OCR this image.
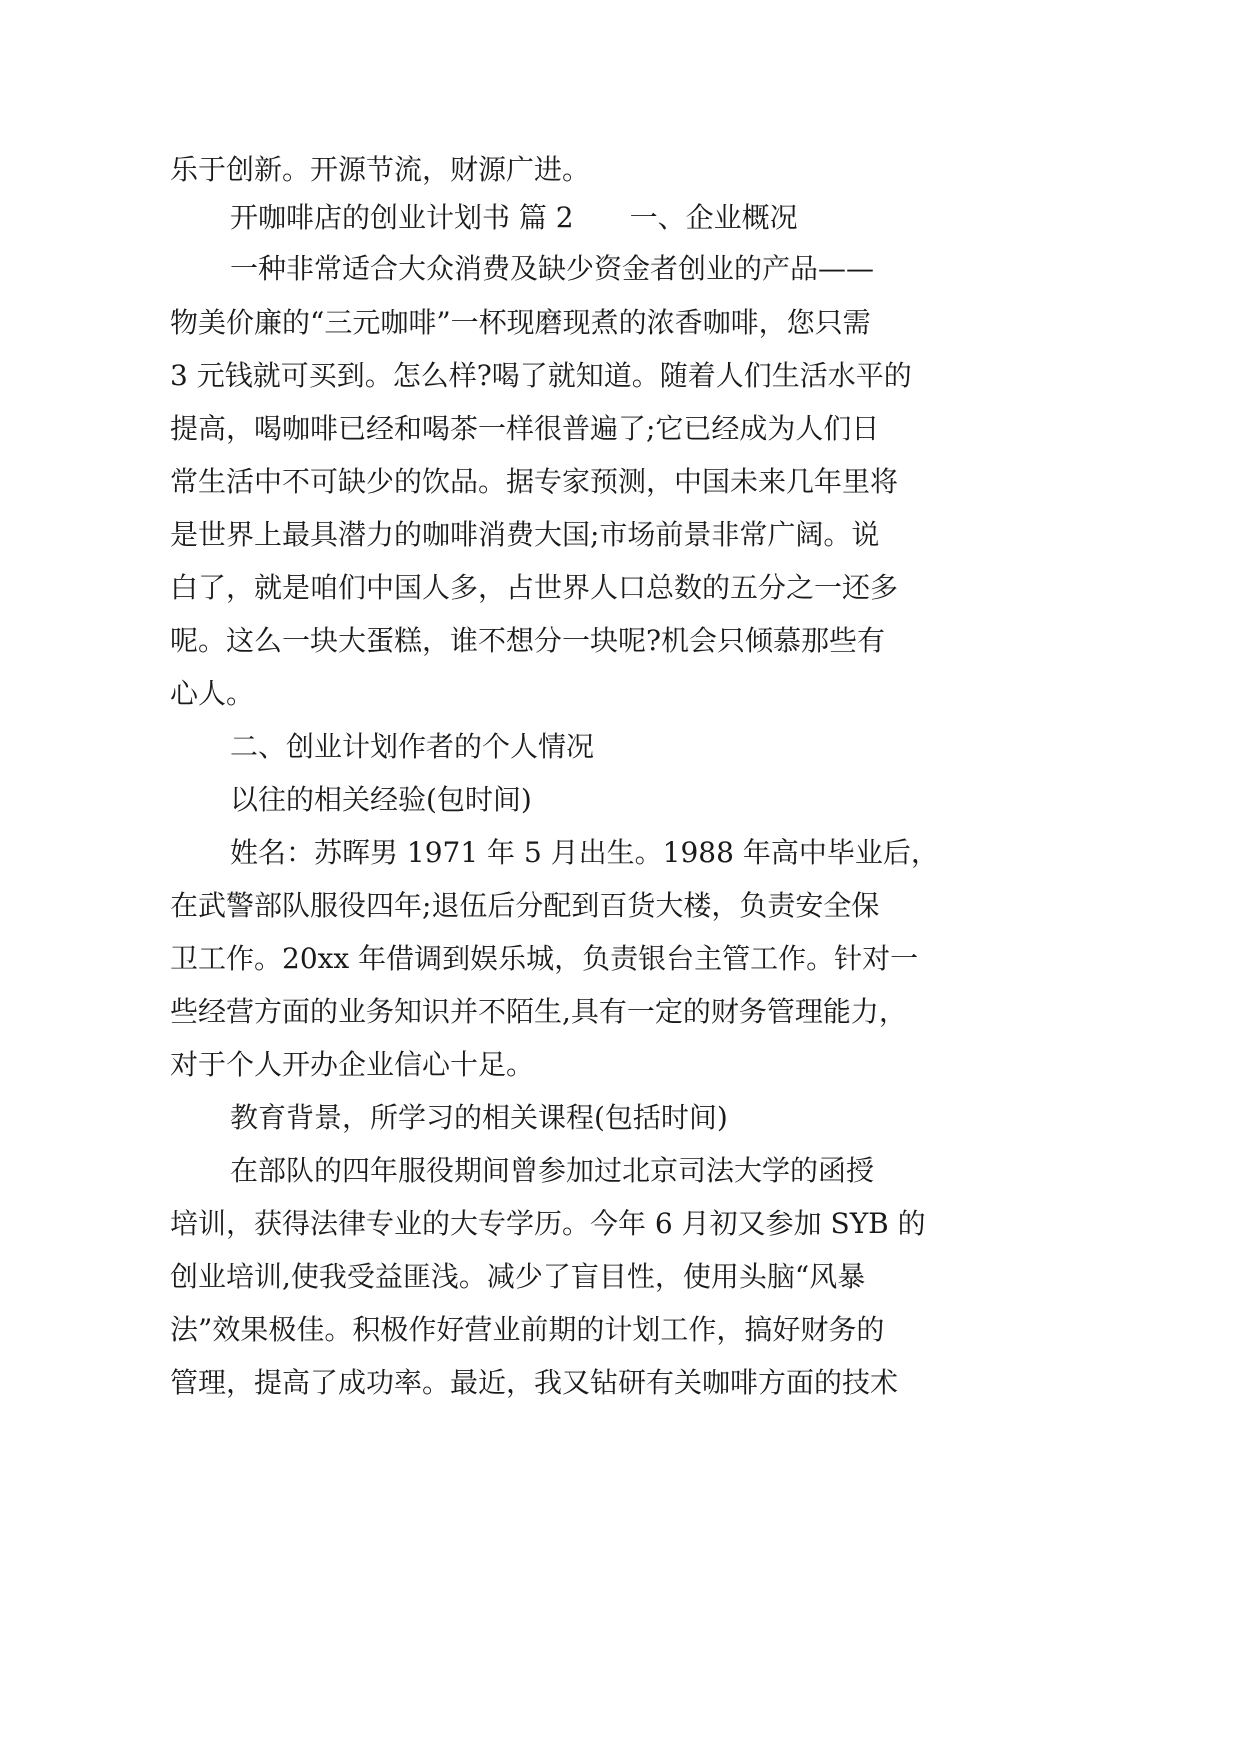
乐于创新。开源节流，财源广进。
开咖啡店的创业计划书 篇 2 一、企业概况
一种非常适合大众消费及缺少资金者创业的产品——
物美价廉的“三元咖啡”一杯现磨现煮的浓香咖啡，您只需
3 元钱就可买到。怎么样?喝了就知道。随着人们生活水平的
提高，喝咖啡已经和喝茶一样很普遍了;它已经成为人们日
常生活中不可缺少的饮品。据专家预测，中国未来几年里将
是世界上最具潜力的咖啡消费大国;市场前景非常广阔。说
白了，就是咱们中国人多，占世界人口总数的五分之一还多
呢。这么一块大蛋糕，谁不想分一块呢?机会只倾慕那些有
心人。
二、创业计划作者的个人情况
以往的相关经验(包时间)
姓名：苏晖男 1971 年 5 月出生。1988 年高中毕业后，
在武警部队服役四年;退伍后分配到百货大楼，负责安全保
卫工作。20xx 年借调到娱乐城，负责银台主管工作。针对一
些经营方面的业务知识并不陌生,具有一定的财务管理能力，
对于个人开办企业信心十足。
教育背景，所学习的相关课程(包括时间)
在部队的四年服役期间曾参加过北京司法大学的函授
培训，获得法律专业的大专学历。今年 6 月初又参加 SYB 的
创业培训,使我受益匪浅。减少了盲目性，使用头脑“风暴
法”效果极佳。积极作好营业前期的计划工作，搞好财务的
管理，提高了成功率。最近，我又钻研有关咖啡方面的技术
